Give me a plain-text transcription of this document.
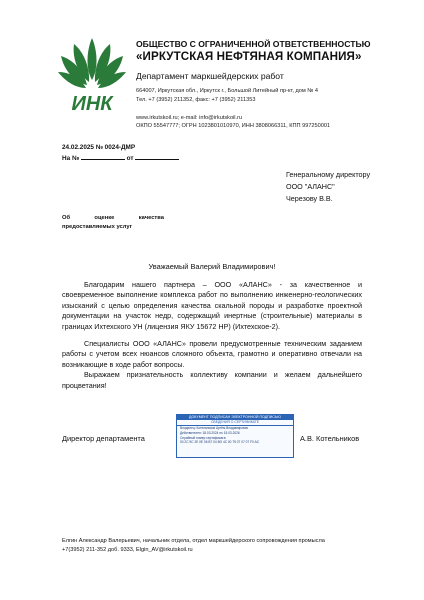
ИНК
ОБЩЕСТВО С ОГРАНИЧЕННОЙ ОТВЕТСТВЕННОСТЬЮ
«ИРКУТСКАЯ НЕФТЯНАЯ КОМПАНИЯ»
Департамент маркшейдерских работ
664007, Иркутская обл., Иркутск г., Большой Литейный пр-кт, дом № 4
Тел. +7 (3952) 211352, факс: +7 (3952) 211353
www.irkutskoil.ru; e-mail: info@irkutskoil.ru
ОКПО 55547777; ОГРН 1023801010970, ИНН 3808066311, КПП 997250001
24.02.2025 № 0024-ДМР
На №	от
Генеральному директору
ООО "АЛАНС"
Черезову В.В.
Об оценке качества
предоставляемых услуг
Уважаемый Валерий Владимирович!

Благодарим нашего партнера – ООО «АЛАНС» - за качественное и своевременное выполнение комплекса работ по выполнению инженерно-геологических изысканий с целью определения качества скальной породы и разработке проектной документации на участок недр, содержащий инертные (строительные) материалы в границах Ихтехского УН (лицензия ЯКУ 15672 НР) (Ихтехское-2).

Специалисты ООО «АЛАНС» провели предусмотренные техническим заданием работы с учетом всех нюансов сложного объекта, грамотно и оперативно отвечали на возникающие в ходе работ вопросы.

Выражаем признательность коллективу компании и желаем дальнейшего процветания!

Директор департамента
ДОКУМЕНТ ПОДПИСАН ЭЛЕКТРОННОЙ ПОДПИСЬЮ
СВЕДЕНИЯ О СЕРТИФИКАТЕ
Владелец: Котельников Артём Владимирович
Действителен: 18.03.2024 по 15.03.2026
Серийный номер сертификата:
00 2С 9С 2Е 0Е 06 В7 04 ВО 4С 00 75 07 07 07 F0 АС	А.В. Котельников
Елгин Александр Валерьевич, начальник отдела, отдел маркшейдерского сопровождения промысла
+7(3952) 211-352 доб. 9333, Elgin_AV@irkutskoil.ru
